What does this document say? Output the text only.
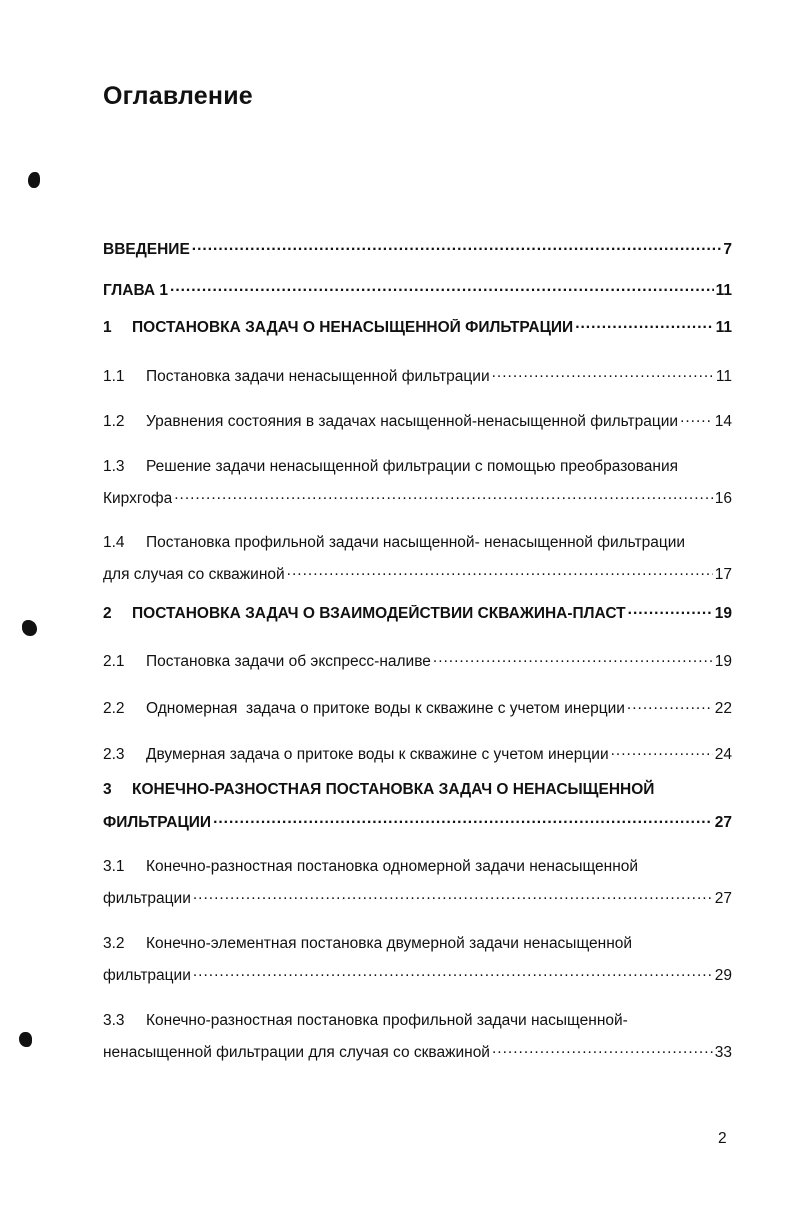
Оглавление
ВВЕДЕНИЕ .....	7
ГЛАВА 1 .....	11
1	ПОСТАНОВКА ЗАДАЧ О НЕНАСЫЩЕННОЙ ФИЛЬТРАЦИИ .....	11
1.1	Постановка задачи ненасыщенной фильтрации .....	11
1.2	Уравнения состояния в задачах насыщенной-ненасыщенной фильтрации ..... 14
1.3 Решение задачи ненасыщенной фильтрации с помощью преобразования
Кирхгофа .....	16
1.4 Постановка профильной задачи насыщенной- ненасыщенной фильтрации
для случая со скважиной .....	17
2	ПОСТАНОВКА ЗАДАЧ О ВЗАИМОДЕЙСТВИИ СКВАЖИНА-ПЛАСТ .....	19
2.1	Постановка задачи об экспресс-наливе .....	19
2.2	Одномерная  задача о притоке воды к скважине с учетом инерции .....	22
2.3	Двумерная задача о притоке воды к скважине с учетом инерции .....	24
3 КОНЕЧНО-РАЗНОСТНАЯ ПОСТАНОВКА ЗАДАЧ О НЕНАСЫЩЕННОЙ
ФИЛЬТРАЦИИ .....	27
3.1 Конечно-разностная постановка одномерной задачи ненасыщенной
фильтрации .....	27
3.2 Конечно-элементная постановка двумерной задачи ненасыщенной
фильтрации .....	29
3.3 Конечно-разностная постановка профильной задачи насыщенной-
ненасыщенной фильтрации для случая со скважиной .....	33
2
